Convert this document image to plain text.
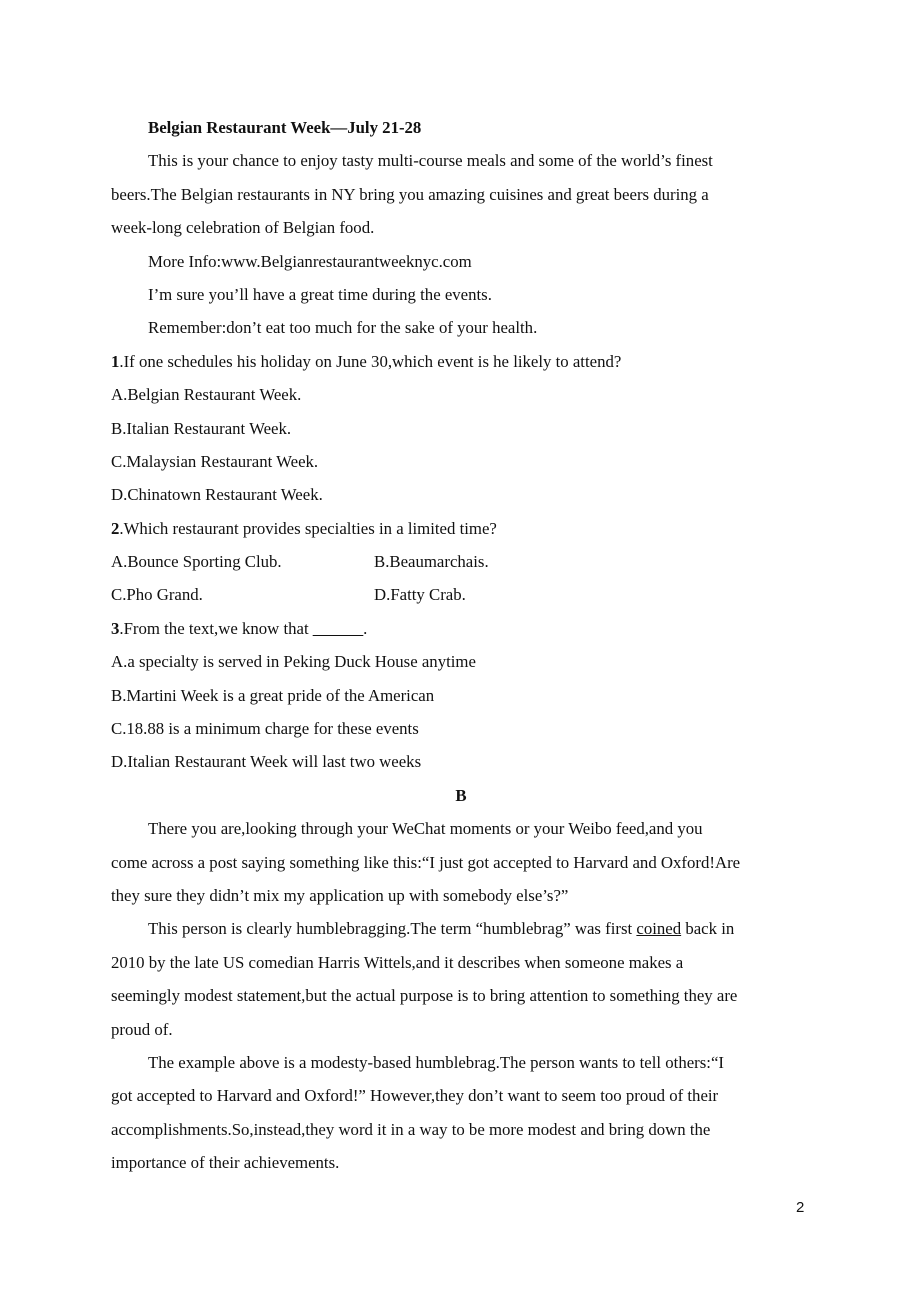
Belgian Restaurant Week—July 21-28
This is your chance to enjoy tasty multi-course meals and some of the world’s finest
beers.The Belgian restaurants in NY bring you amazing cuisines and great beers during a
week-long celebration of Belgian food.
More Info:www.Belgianrestaurantweeknyc.com
I’m sure you’ll have a great time during the events.
Remember:don’t eat too much for the sake of your health.
1.If one schedules his holiday on June 30,which event is he likely to attend?
A.Belgian Restaurant Week.
B.Italian Restaurant Week.
C.Malaysian Restaurant Week.
D.Chinatown Restaurant Week.
2.Which restaurant provides specialties in a limited time?
A.Bounce Sporting Club.	B.Beaumarchais.
C.Pho Grand.	D.Fatty Crab.
3.From the text,we know that ______.
A.a specialty is served in Peking Duck House anytime
B.Martini Week is a great pride of the American
C.18.88 is a minimum charge for these events
D.Italian Restaurant Week will last two weeks
B
There you are,looking through your WeChat moments or your Weibo feed,and you
come across a post saying something like this:“I just got accepted to Harvard and Oxford!Are
they sure they didn’t mix my application up with somebody else’s?”
This person is clearly humblebragging.The term “humblebrag” was first coined back in
2010 by the late US comedian Harris Wittels,and it describes when someone makes a
seemingly modest statement,but the actual purpose is to bring attention to something they are
proud of.
The example above is a modesty-based humblebrag.The person wants to tell others:“I
got accepted to Harvard and Oxford!” However,they don’t want to seem too proud of their
accomplishments.So,instead,they word it in a way to be more modest and bring down the
importance of their achievements.
2
